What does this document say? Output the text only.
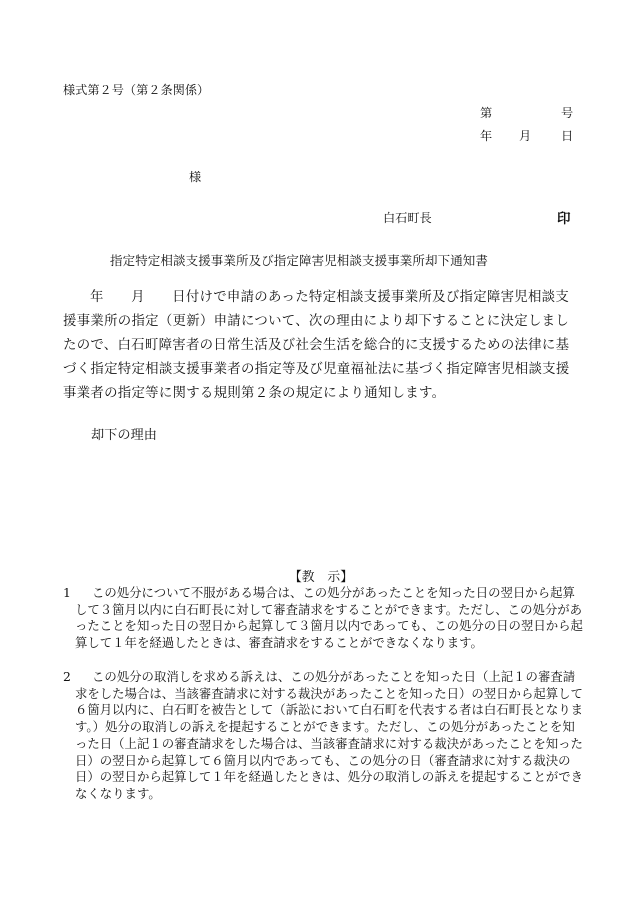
様式第２号（第２条関係）
第	号
年 月 日
様
白石町長	印
指定特定相談支援事業所及び指定障害児相談支援事業所却下通知書
年　　月　　日付けで申請のあった特定相談支援事業所及び指定障害児相談支援事業所の指定（更新）申請について、次の理由により却下することに決定しましたので、白石町障害者の日常生活及び社会生活を総合的に支援するための法律に基づく指定特定相談支援事業者の指定等及び児童福祉法に基づく指定障害児相談支援事業者の指定等に関する規則第２条の規定により通知します。
却下の理由
【教　示】
1	この処分について不服がある場合は、この処分があったことを知った日の翌日から起算して３箇月以内に白石町長に対して審査請求をすることができます。ただし、この処分があったことを知った日の翌日から起算して３箇月以内であっても、この処分の日の翌日から起算して１年を経過したときは、審査請求をすることができなくなります。
2	この処分の取消しを求める訴えは、この処分があったことを知った日（上記１の審査請求をした場合は、当該審査請求に対する裁決があったことを知った日）の翌日から起算して６箇月以内に、白石町を被告として（訴訟において白石町を代表する者は白石町長となります。）処分の取消しの訴えを提起することができます。ただし、この処分があったことを知った日（上記１の審査請求をした場合は、当該審査請求に対する裁決があったことを知った日）の翌日から起算して６箇月以内であっても、この処分の日（審査請求に対する裁決の日）の翌日から起算して１年を経過したときは、処分の取消しの訴えを提起することができなくなります。
